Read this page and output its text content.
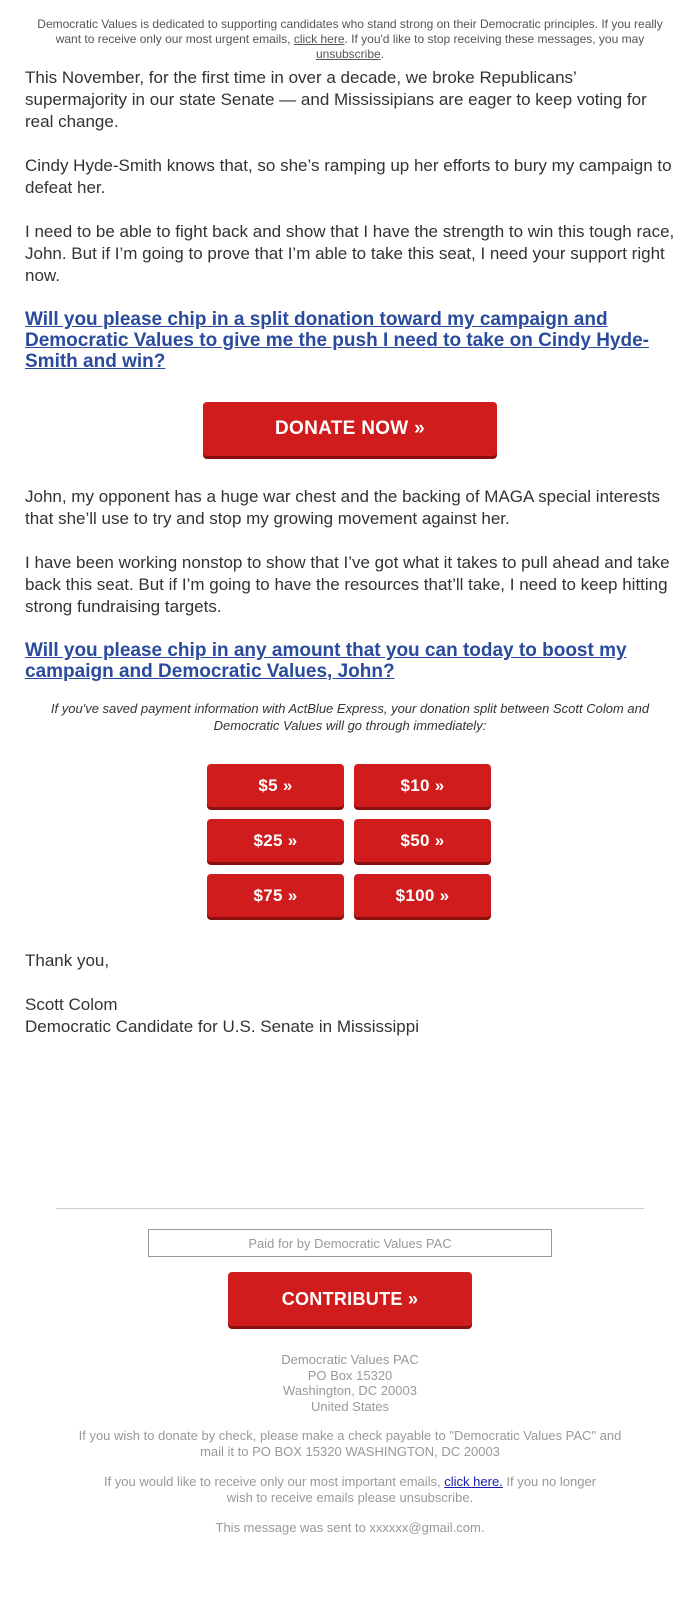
Democratic Values is dedicated to supporting candidates who stand strong on their Democratic principles. If you really want to receive only our most urgent emails, click here. If you'd like to stop receiving these messages, you may unsubscribe.

This November, for the first time in over a decade, we broke Republicans’ supermajority in our state Senate — and Mississipians are eager to keep voting for real change.

Cindy Hyde-Smith knows that, so she’s ramping up her efforts to bury my campaign to defeat her.

I need to be able to fight back and show that I have the strength to win this tough race, John. But if I’m going to prove that I’m able to take this seat, I need your support right now.

Will you please chip in a split donation toward my campaign and Democratic Values to give me the push I need to take on Cindy Hyde-Smith and win?
DONATE NOW »

John, my opponent has a huge war chest and the backing of MAGA special interests that she’ll use to try and stop my growing movement against her.

I have been working nonstop to show that I’ve got what it takes to pull ahead and take back this seat. But if I’m going to have the resources that’ll take, I need to keep hitting strong fundraising targets.

Will you please chip in any amount that you can today to boost my campaign and Democratic Values, John?

If you've saved payment information with ActBlue Express, your donation split between Scott Colom and Democratic Values will go through immediately:

$5 »	$10 »
$25 »	$50 »
$75 »	$100 »

Thank you,

Scott Colom

Democratic Candidate for U.S. Senate in Mississippi

Paid for by Democratic Values PAC
CONTRIBUTE »
Democratic Values PAC
PO Box 15320
Washington, DC 20003
United States
If you wish to donate by check, please make a check payable to "Democratic Values PAC" and mail it to PO BOX 15320 WASHINGTON, DC 20003
If you would like to receive only our most important emails, click here. If you no longer wish to receive emails please unsubscribe.
This message was sent to xxxxxx@gmail.com.
